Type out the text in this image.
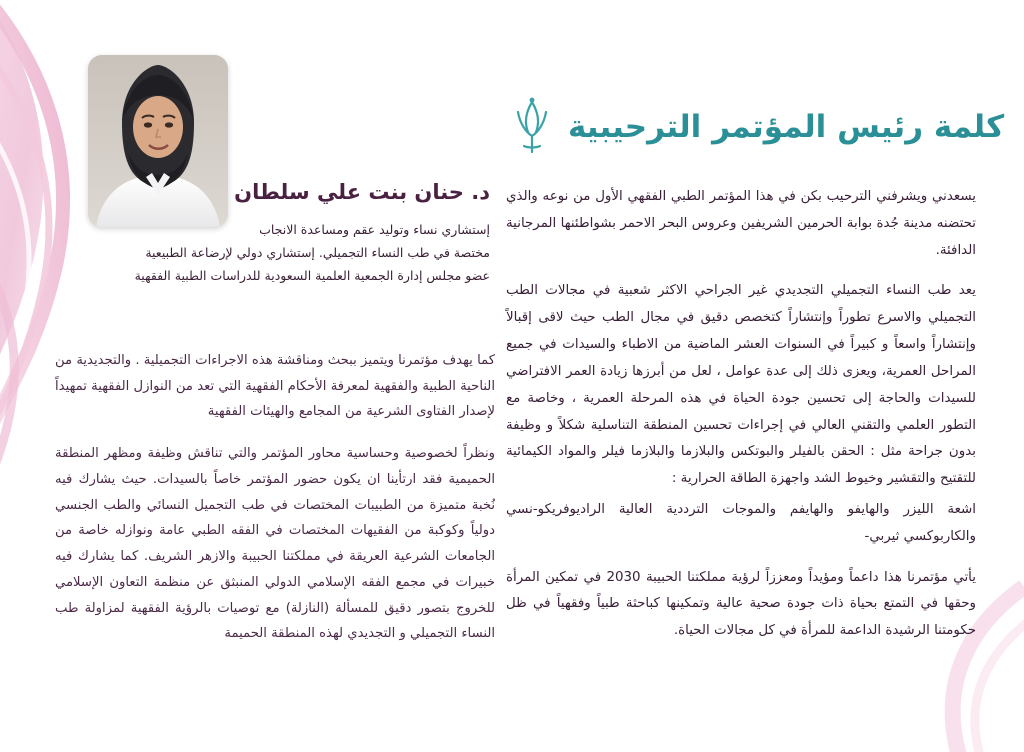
د. حنان بنت علي سلطان

إستشاري نساء وتوليد عقم ومساعدة الانجاب

مختصة في طب النساء التجميلي. إستشاري دولي لإرضاعة الطبيعية

عضو مجلس إدارة الجمعية العلمية السعودية للدراسات الطبية الفقهية

كما يهدف مؤتمرنا ويتميز ببحث ومناقشة هذه الاجراءات التجميلية . والتجديدية من الناحية الطبية والفقهية لمعرفة الأحكام الفقهية التي تعد من النوازل الفقهية تمهيداً لإصدار الفتاوى الشرعية من المجامع والهيئات الفقهية

ونظراً لخصوصية وحساسية محاور المؤتمر والتي تناقش وظيفة ومظهر المنطقة الحميمية فقد ارتأينا ان يكون حضور المؤتمر خاصاً بالسيدات. حيث يشارك فيه نُخبة متميزة من الطبيبات المختصات في طب التجميل النسائي والطب الجنسي دولياً وكوكبة من الفقيهات المختصات في الفقه الطبي عامة ونوازله خاصة من الجامعات الشرعية العريقة في مملكتنا الحبيبة والازهر الشريف. كما يشارك فيه خبيرات في مجمع الفقه الإسلامي الدولي المنبثق عن منظمة التعاون الإسلامي للخروج بتصور دقيق للمسألة (النازلة) مع توصيات بالرؤية الفقهية لمزاولة طب النساء التجميلي و التجديدي لهذه المنطقة الحميمة

كلمة رئيس المؤتمر الترحيبية

يسعدني ويشرفني الترحيب بكن في هذا المؤتمر الطبي الفقهي الأول من نوعه والذي تحتضنه مدينة جُدة بوابة الحرمين الشريفين وعروس البحر الاحمر بشواطئنها المرجانية الدافئة.

يعد طب النساء التجميلي التجديدي غير الجراحي الاكثر شعبية في مجالات الطب التجميلي والاسرع تطوراً وإنتشاراً كتخصص دقيق في مجال الطب حيث لاقى إقبالاً وإنتشاراً واسعاً و كبيراً في السنوات العشر الماضية من الاطباء والسيدات في جميع المراحل العمرية، ويعزى ذلك إلى عدة عوامل ، لعل من أبرزها زيادة العمر الافتراضي للسيدات والحاجة إلى تحسين جودة الحياة في هذه المرحلة العمرية ، وخاصة مع التطور العلمي والتقني العالي في إجراءات تحسين المنطقة التناسلية شكلاً و وظيفة بدون جراحة مثل : الحقن بالفيلر والبوتكس والبلازما والبلازما فيلر والمواد الكيمائية للتقتيح والتقشير وخيوط الشد واجهزة الطاقة الحرارية :

اشعة الليزر والهايفو والهايفم والموجات الترددية العالية الراديوفريكو-نسي والكاربوكسي ثيربي-

يأتي مؤتمرنا هذا داعماً ومؤيداً ومعززاً لرؤية مملكتنا الحبيبة 2030 في تمكين المرأة وحقها في التمتع بحياة ذات جودة صحية عالية وتمكينها كباحثة طبياً وفقهياً في ظل حكومتنا الرشيدة الداعمة للمرأة في كل مجالات الحياة.
